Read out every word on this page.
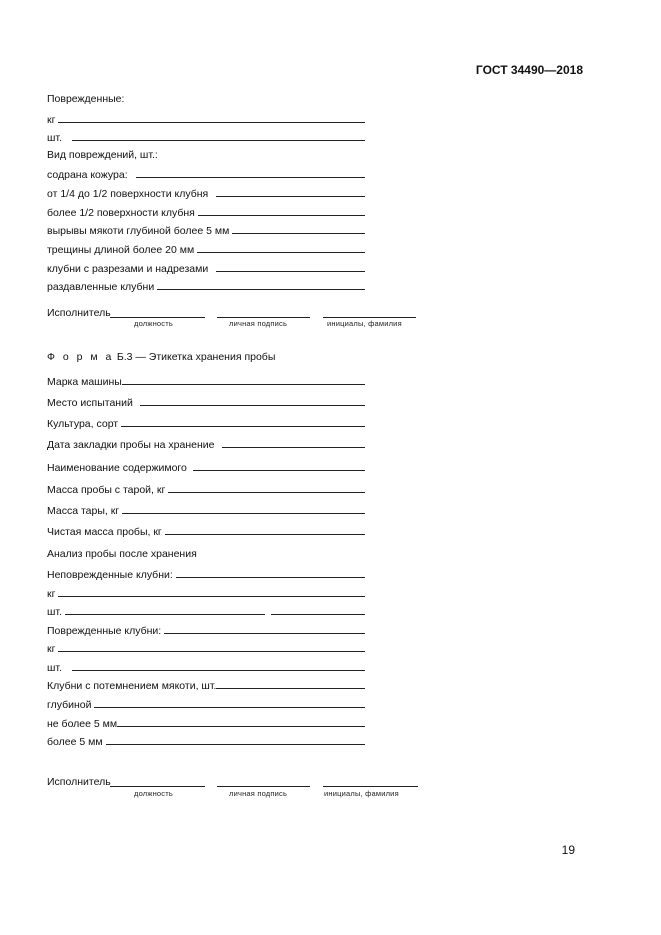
ГОСТ 34490—2018
Поврежденные:
кг
шт.
Вид повреждений, шт.:
содрана кожура:
от 1/4 до 1/2 поверхности клубня
более 1/2 поверхности клубня
вырывы мякоти глубиной более 5 мм
трещины длиной более 20 мм
клубни с разрезами и надрезами
раздавленные клубни
Исполнитель
должность	личная подпись	инициалы, фамилия
Ф о р м а Б.3 — Этикетка хранения пробы
Марка машины
Место испытаний
Культура, сорт
Дата закладки пробы на хранение
Наименование содержимого
Масса пробы с тарой, кг
Масса тары, кг
Чистая масса пробы, кг
Анализ пробы после хранения
Неповрежденные клубни:
кг
шт.
Поврежденные клубни:
кг
шт.
Клубни с потемнением мякоти, шт.
глубиной
не более 5 мм
более 5 мм
Исполнитель
должность	личная подпись	инициалы, фамилия
19
